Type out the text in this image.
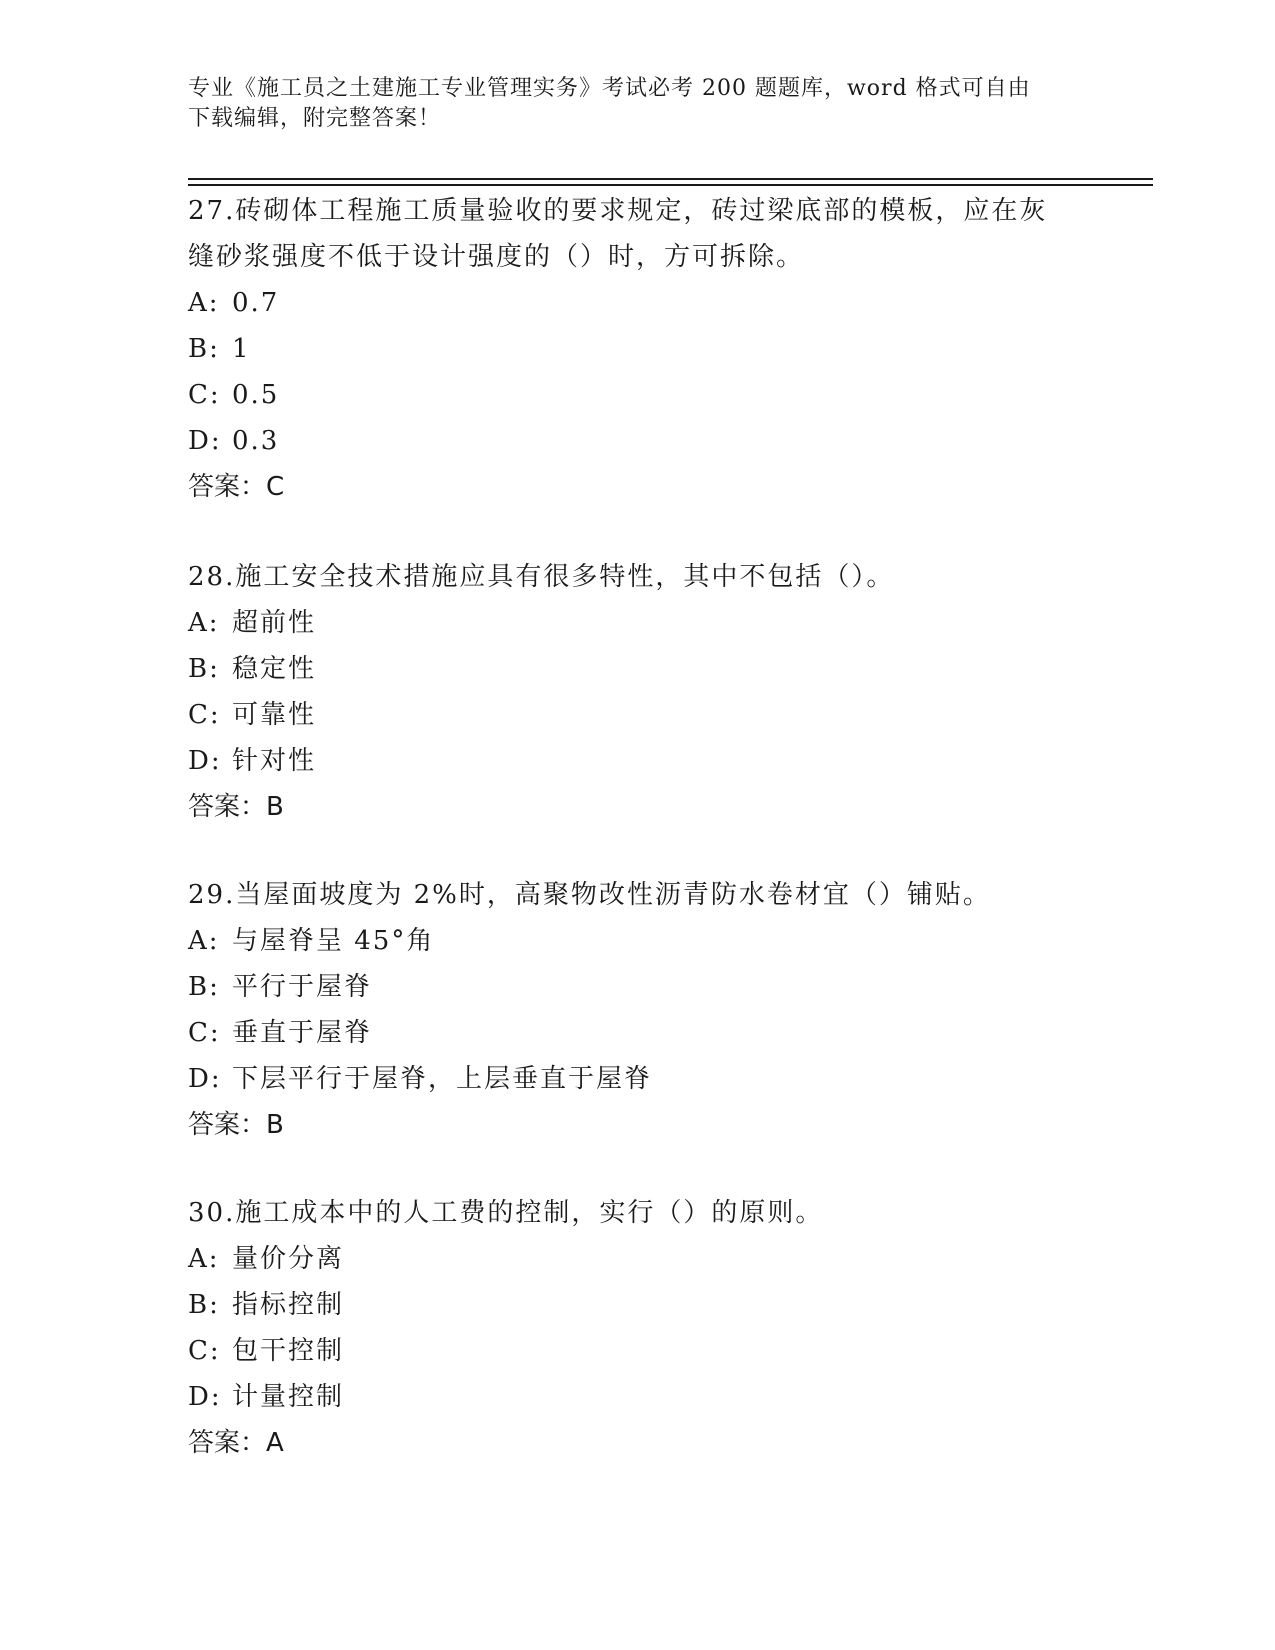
专业《施工员之土建施工专业管理实务》考试必考 200 题题库，word 格式可自由
下载编辑，附完整答案！
27.砖砌体工程施工质量验收的要求规定，砖过梁底部的模板，应在灰
缝砂浆强度不低于设计强度的（）时，方可拆除。
A: 0.7
B: 1
C: 0.5
D: 0.3
答案：C
28.施工安全技术措施应具有很多特性，其中不包括（）。
A: 超前性
B: 稳定性
C: 可靠性
D: 针对性
答案：B
29.当屋面坡度为 2%时，高聚物改性沥青防水卷材宜（）铺贴。
A: 与屋脊呈 45°角
B: 平行于屋脊
C: 垂直于屋脊
D: 下层平行于屋脊，上层垂直于屋脊
答案：B
30.施工成本中的人工费的控制，实行（）的原则。
A: 量价分离
B: 指标控制
C: 包干控制
D: 计量控制
答案：A
